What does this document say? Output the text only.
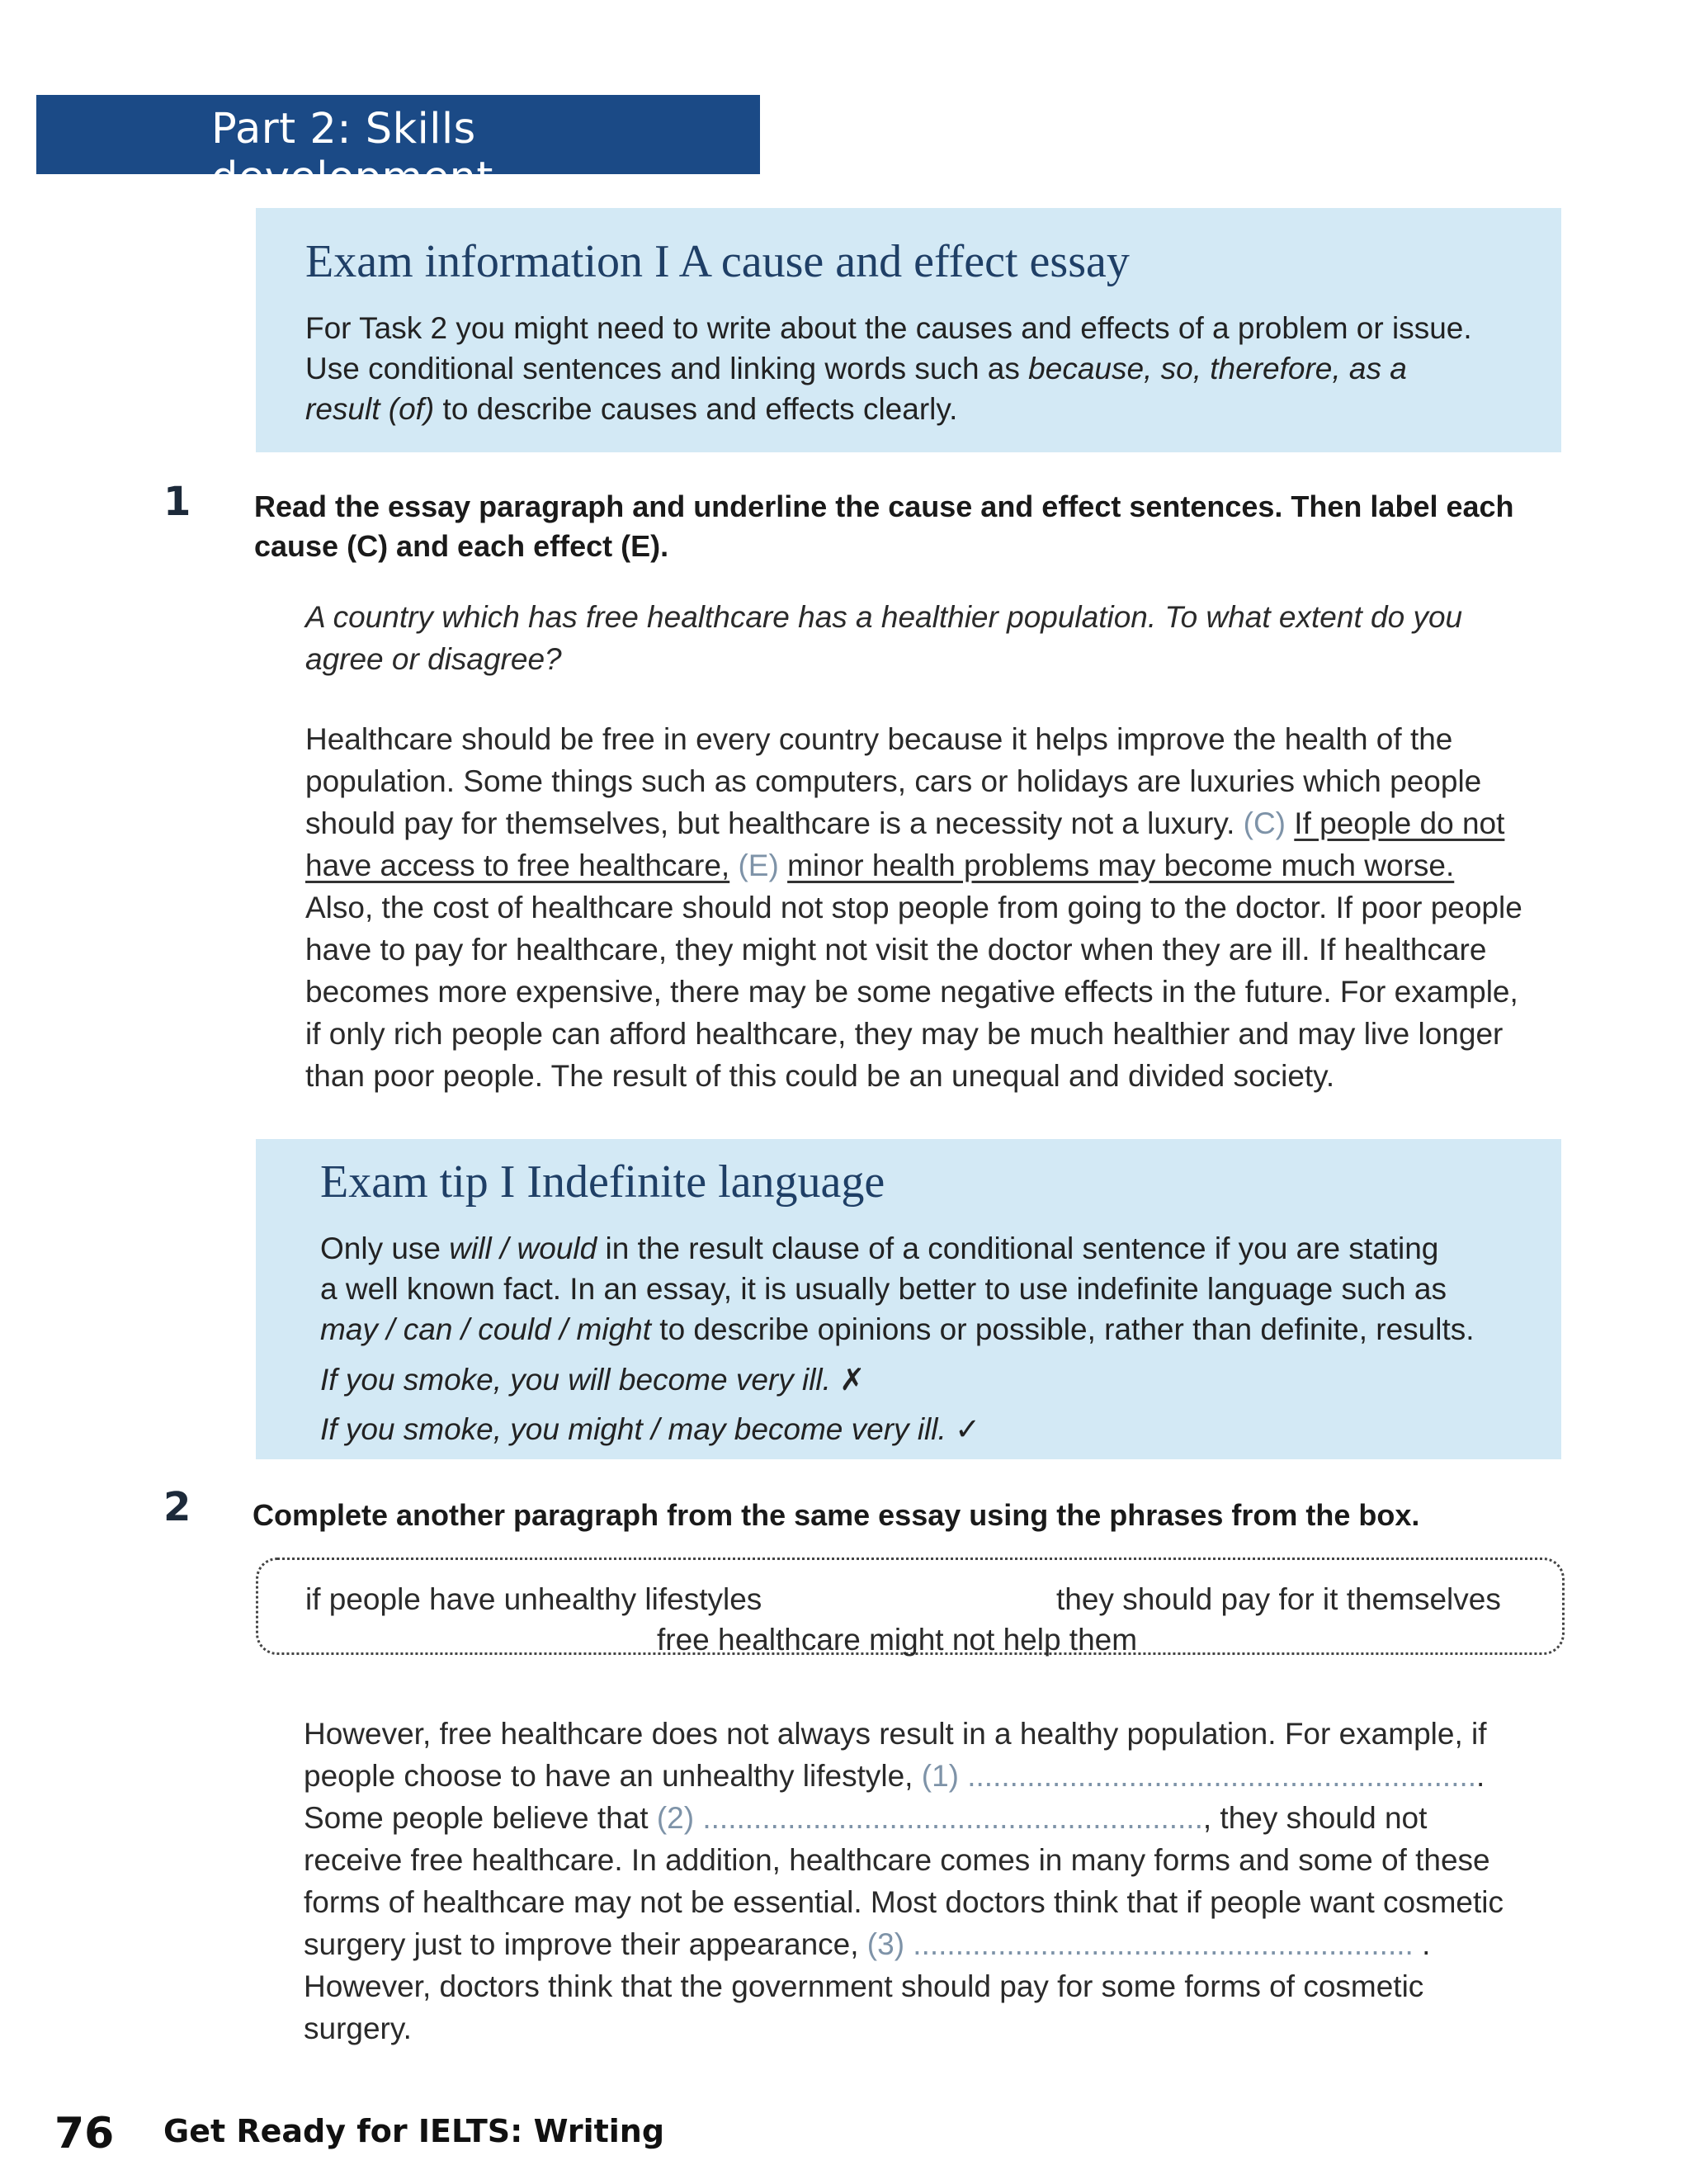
Part 2: Skills development
Exam information I A cause and effect essay
For Task 2 you might need to write about the causes and effects of a problem or issue.
Use conditional sentences and linking words such as because, so, therefore, as a
result (of) to describe causes and effects clearly.
1 Read the essay paragraph and underline the cause and effect sentences. Then label each
cause (C) and each effect (E).
A country which has free healthcare has a healthier population. To what extent do you
agree or disagree?
Healthcare should be free in every country because it helps improve the health of the
population. Some things such as computers, cars or holidays are luxuries which people
should pay for themselves, but healthcare is a necessity not a luxury. (C) If people do not
have access to free healthcare, (E) minor health problems may become much worse.
Also, the cost of healthcare should not stop people from going to the doctor. If poor people
have to pay for healthcare, they might not visit the doctor when they are ill. If healthcare
becomes more expensive, there may be some negative effects in the future. For example,
if only rich people can afford healthcare, they may be much healthier and may live longer
than poor people. The result of this could be an unequal and divided society.
Exam tip I Indefinite language
Only use will / would in the result clause of a conditional sentence if you are stating
a well known fact. In an essay, it is usually better to use indefinite language such as
may / can / could / might to describe opinions or possible, rather than definite, results.
If you smoke, you will become very ill. ✗
If you smoke, you might / may become very ill. ✓
2 Complete another paragraph from the same essay using the phrases from the box.
if people have unhealthy lifestyles	they should pay for it themselves
free healthcare might not help them
However, free healthcare does not always result in a healthy population. For example, if
people choose to have an unhealthy lifestyle, (1) .............................................................
Some people believe that (2) ..........................................................., they should not
receive free healthcare. In addition, healthcare comes in many forms and some of these
forms of healthcare may not be essential. Most doctors think that if people want cosmetic
surgery just to improve their appearance, (3) ........................................................... .
However, doctors think that the government should pay for some forms of cosmetic
surgery.
76 Get Ready for IELTS: Writing
